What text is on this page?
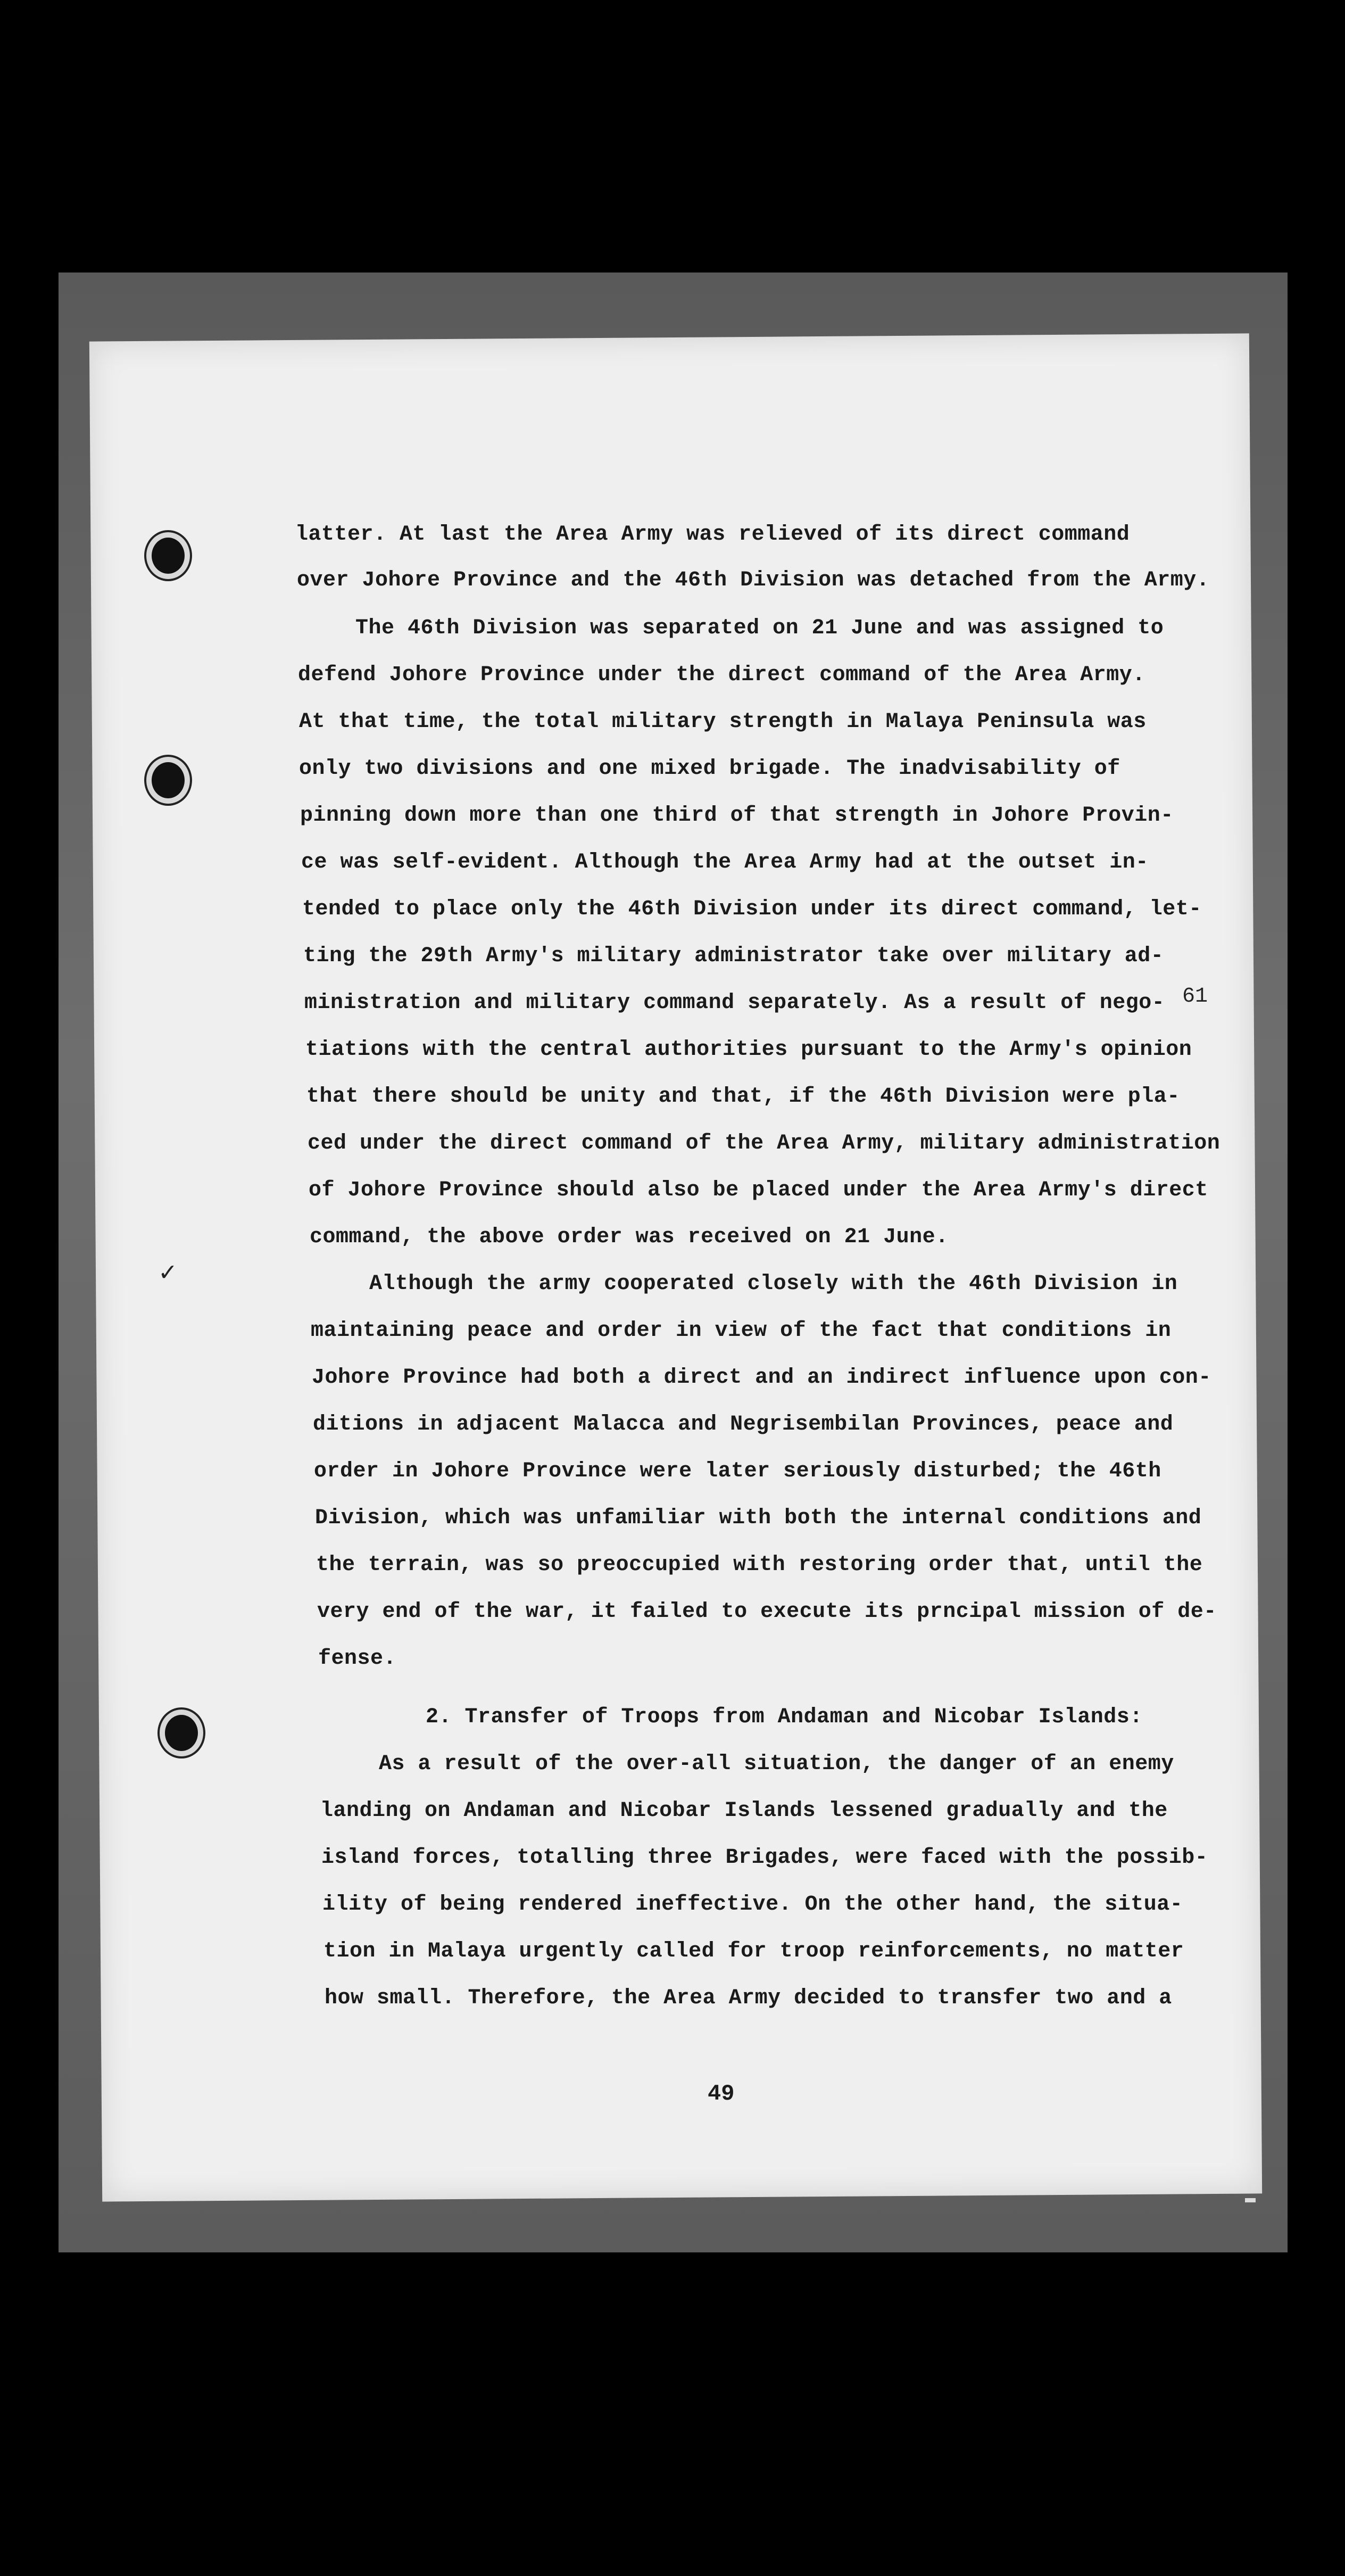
61
✓
latter. At last the Area Army was relieved of its direct command
over Johore Province and the 46th Division was detached from the Army.
The 46th Division was separated on 21 June and was assigned to
defend Johore Province under the direct command of the Area Army.
At that time, the total military strength in Malaya Peninsula was
only two divisions and one mixed brigade. The inadvisability of
pinning down more than one third of that strength in Johore Provin-
ce was self-evident. Although the Area Army had at the outset in-
tended to place only the 46th Division under its direct command, let-
ting the 29th Army's military administrator take over military ad-
ministration and military command separately. As a result of nego-
tiations with the central authorities pursuant to the Army's opinion
that there should be unity and that, if the 46th Division were pla-
ced under the direct command of the Area Army, military administration
of Johore Province should also be placed under the Area Army's direct
command, the above order was received on 21 June.
Although the army cooperated closely with the 46th Division in
maintaining peace and order in view of the fact that conditions in
Johore Province had both a direct and an indirect influence upon con-
ditions in adjacent Malacca and Negrisembilan Provinces, peace and
order in Johore Province were later seriously disturbed; the 46th
Division, which was unfamiliar with both the internal conditions and
the terrain, was so preoccupied with restoring order that, until the
very end of the war, it failed to execute its prncipal mission of de-
fense.
2. Transfer of Troops from Andaman and Nicobar Islands:
As a result of the over-all situation, the danger of an enemy
landing on Andaman and Nicobar Islands lessened gradually and the
island forces, totalling three Brigades, were faced with the possib-
ility of being rendered ineffective. On the other hand, the situa-
tion in Malaya urgently called for troop reinforcements, no matter
how small. Therefore, the Area Army decided to transfer two and a
49
